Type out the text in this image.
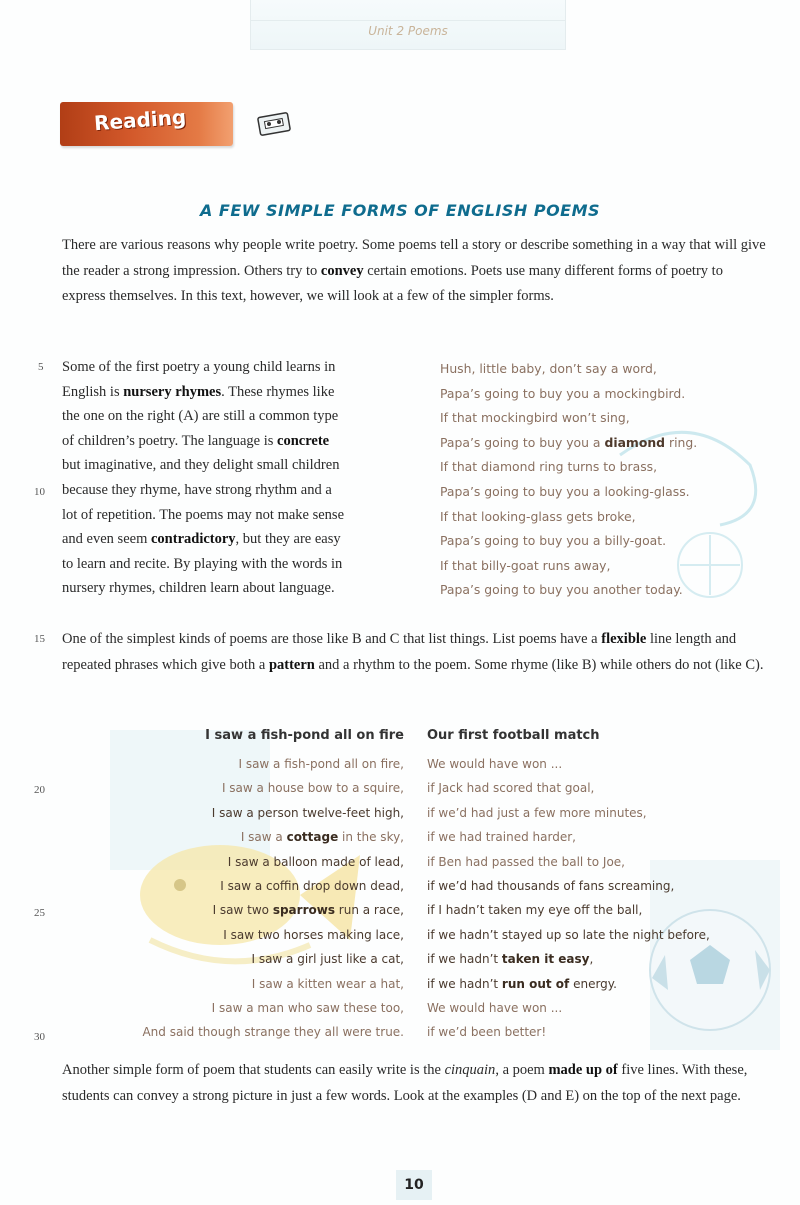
Unit 2 Poems
Reading
A FEW SIMPLE FORMS OF ENGLISH POEMS

There are various reasons why people write poetry. Some poems tell a story or describe something in a way that will give the reader a strong impression. Others try to convey certain emotions. Poets use many different forms of poetry to express themselves. In this text, however, we will look at a few of the simpler forms.

5
10
15
20
25
30
Some of the first poetry a young child learns in
English is nursery rhymes. These rhymes like
the one on the right (A) are still a common type
of children’s poetry. The language is concrete
but imaginative, and they delight small children
because they rhyme, have strong rhythm and a
lot of repetition. The poems may not make sense
and even seem contradictory, but they are easy
to learn and recite. By playing with the words in
nursery rhymes, children learn about language.
Hush, little baby, don’t say a word,
Papa’s going to buy you a mockingbird.
If that mockingbird won’t sing,
Papa’s going to buy you a diamond ring.
If that diamond ring turns to brass,
Papa’s going to buy you a looking-glass.
If that looking-glass gets broke,
Papa’s going to buy you a billy-goat.
If that billy-goat runs away,
Papa’s going to buy you another today.

One of the simplest kinds of poems are those like B and C that list things. List poems have a flexible line length and repeated phrases which give both a pattern and a rhythm to the poem. Some rhyme (like B) while others do not (like C).

I saw a fish-pond all on fire
I saw a fish-pond all on fire,
I saw a house bow to a squire,
I saw a person twelve-feet high,
I saw a cottage in the sky,
I saw a balloon made of lead,
I saw a coffin drop down dead,
I saw two sparrows run a race,
I saw two horses making lace,
I saw a girl just like a cat,
I saw a kitten wear a hat,
I saw a man who saw these too,
And said though strange they all were true.
Our first football match
We would have won ...
if Jack had scored that goal,
if we’d had just a few more minutes,
if we had trained harder,
if Ben had passed the ball to Joe,
if we’d had thousands of fans screaming,
if I hadn’t taken my eye off the ball,
if we hadn’t stayed up so late the night before,
if we hadn’t taken it easy,
if we hadn’t run out of energy.
We would have won ...
if we’d been better!

Another simple form of poem that students can easily write is the cinquain, a poem made up of five lines. With these, students can convey a strong picture in just a few words. Look at the examples (D and E) on the top of the next page.

10
